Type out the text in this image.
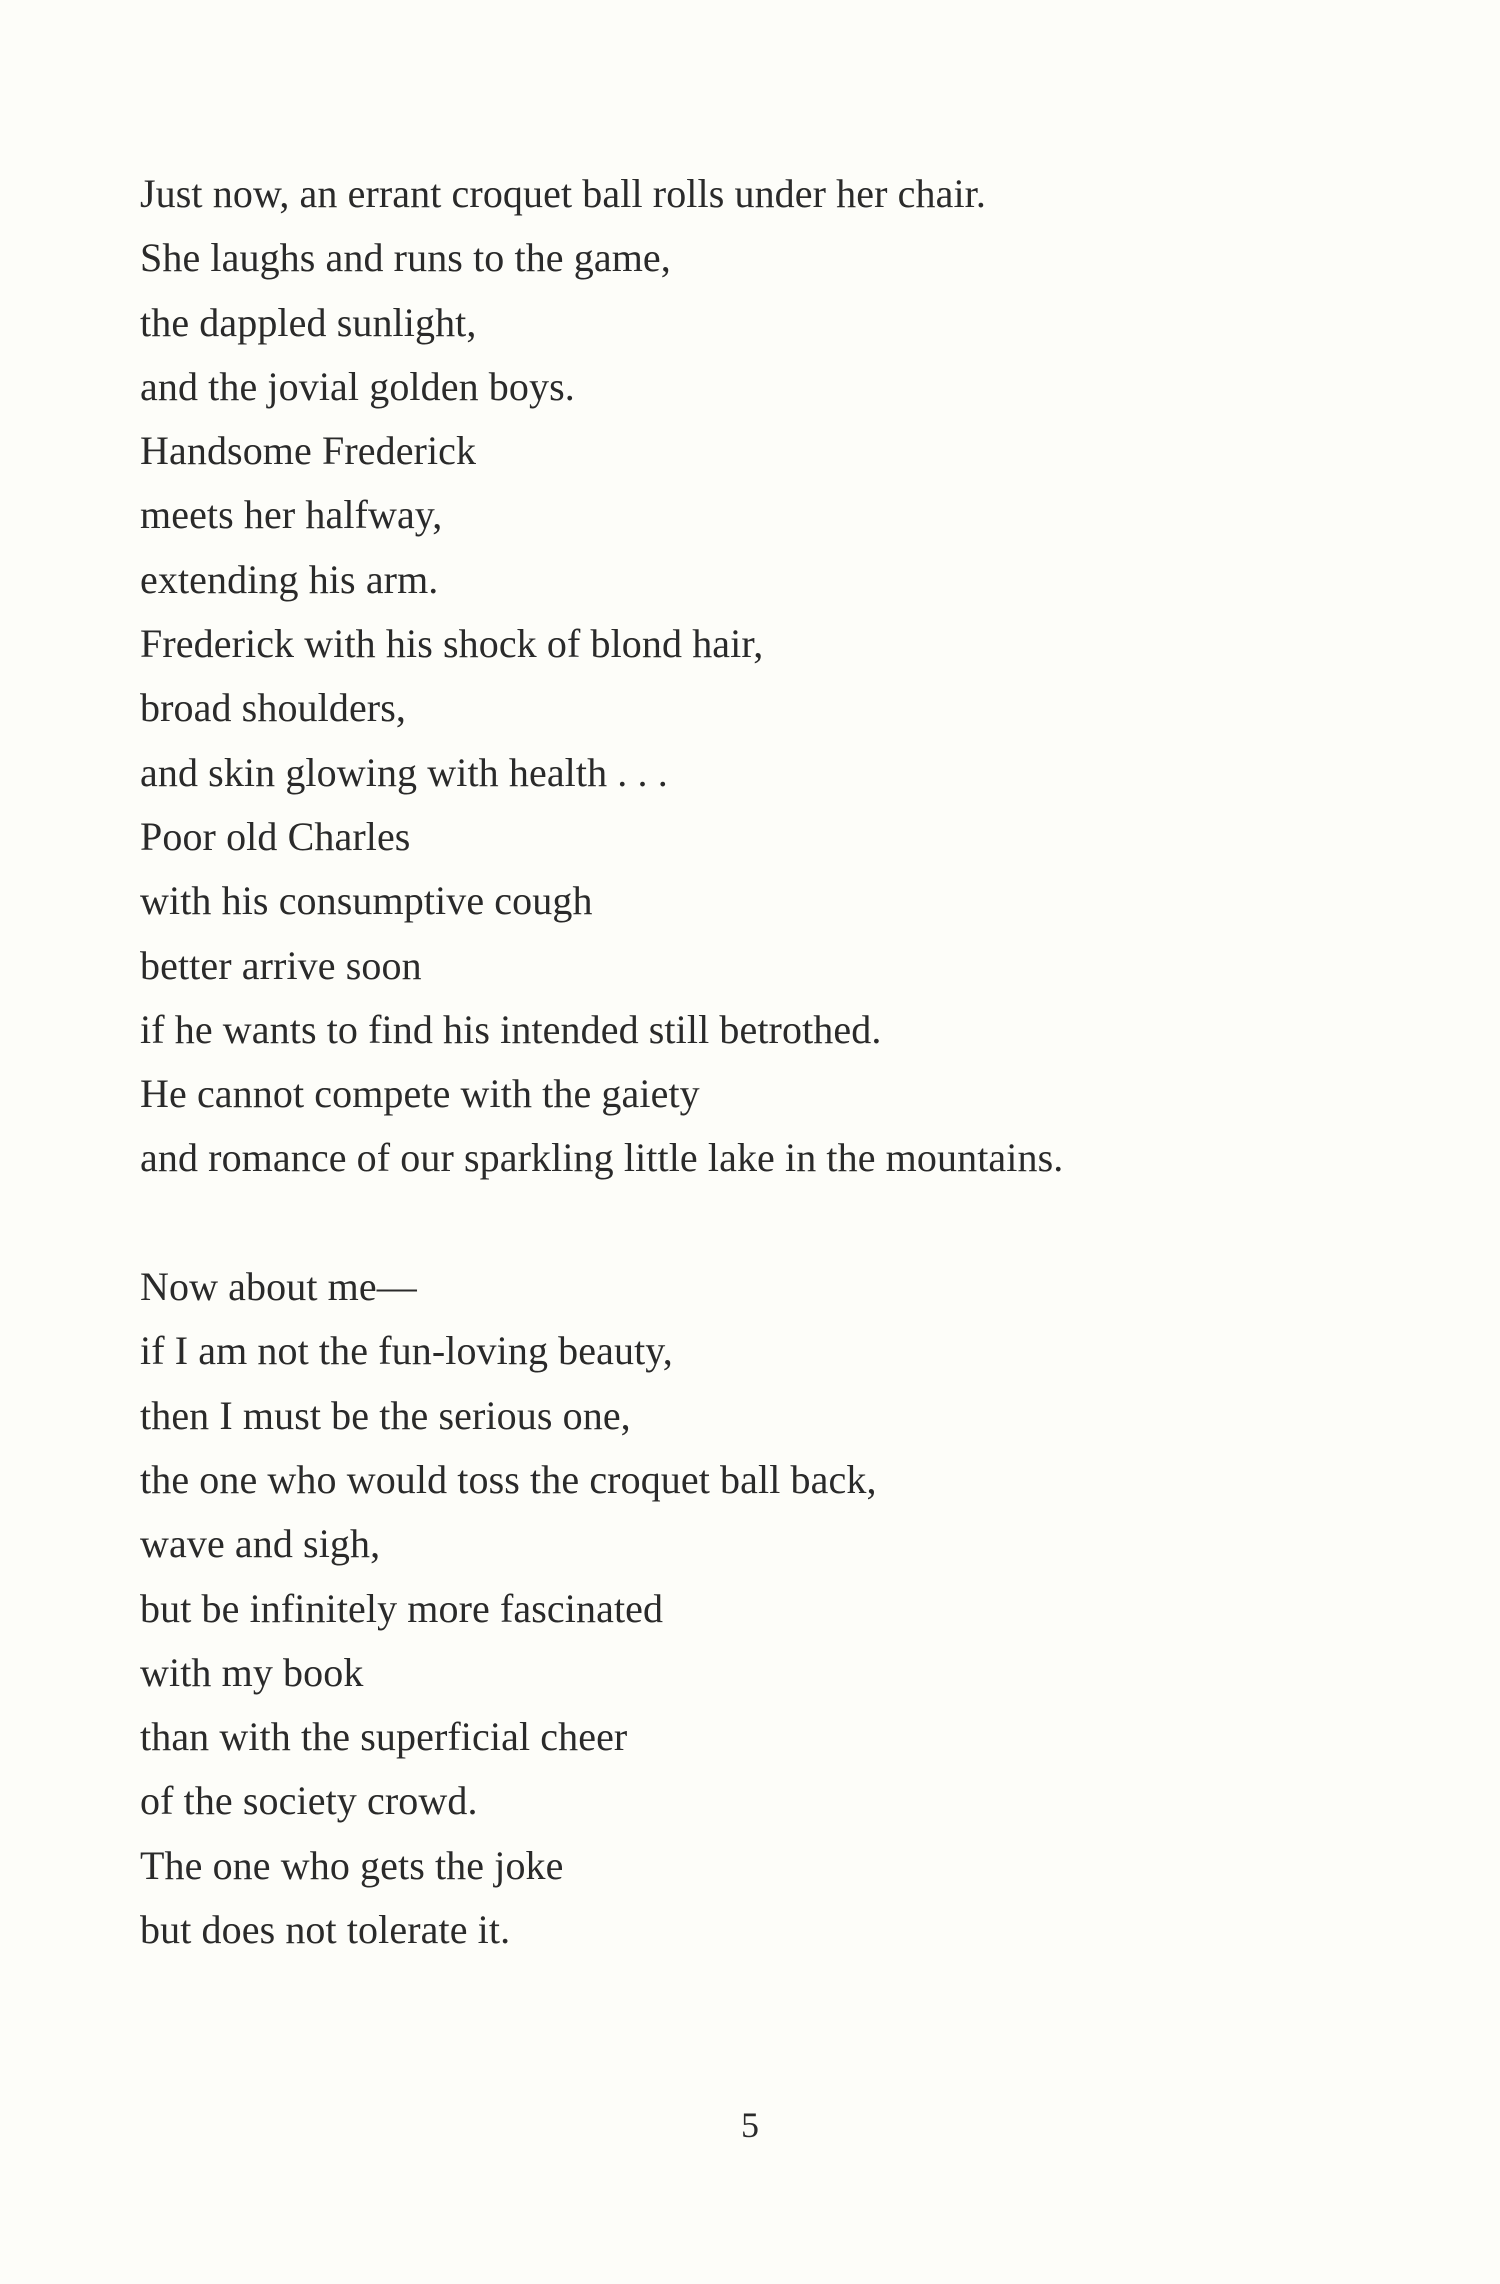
Just now, an errant croquet ball rolls under her chair.
She laughs and runs to the game,
the dappled sunlight,
and the jovial golden boys.
Handsome Frederick
meets her halfway,
extending his arm.
Frederick with his shock of blond hair,
broad shoulders,
and skin glowing with health . . .
Poor old Charles
with his consumptive cough
better arrive soon
if he wants to find his intended still betrothed.
He cannot compete with the gaiety
and romance of our sparkling little lake in the mountains.
Now about me—
if I am not the fun-loving beauty,
then I must be the serious one,
the one who would toss the croquet ball back,
wave and sigh,
but be infinitely more fascinated
with my book
than with the superficial cheer
of the society crowd.
The one who gets the joke
but does not tolerate it.
5
